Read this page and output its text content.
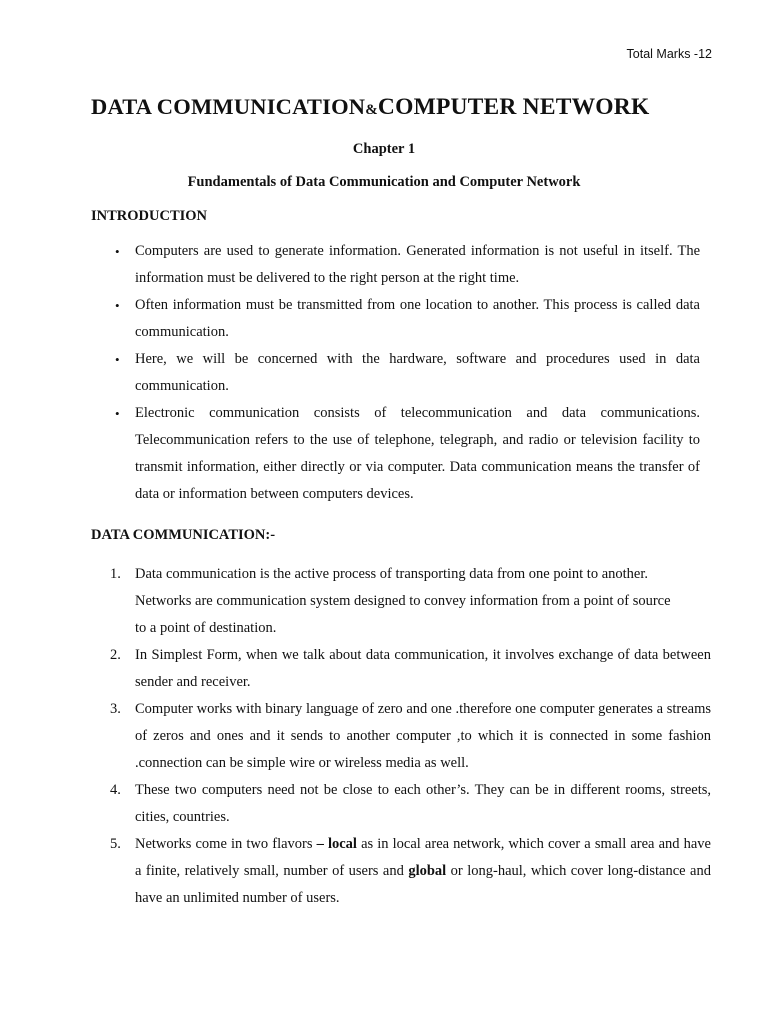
Total Marks -12
DATA COMMUNICATION&COMPUTER NETWORK
Chapter 1
Fundamentals of Data Communication and Computer Network
INTRODUCTION
• Computers are used to generate information. Generated information is not useful in itself. The information must be delivered to the right person at the right time.
• Often information must be transmitted from one location to another. This process is called data communication.
• Here, we will be concerned with the hardware, software and procedures used in data communication.
• Electronic communication consists of telecommunication and data communications. Telecommunication refers to the use of telephone, telegraph, and radio or television facility to transmit information, either directly or via computer. Data communication means the transfer of data or information between computers devices.
DATA COMMUNICATION:-
1. Data communication is the active process of transporting data from one point to another.
Networks are communication system designed to convey information from a point of source
to a point of destination.
2. In Simplest Form, when we talk about data communication, it involves exchange of data between sender and receiver.
3. Computer works with binary language of zero and one .therefore one computer generates a streams of zeros and ones and it sends to another computer ,to which it is connected in some fashion .connection can be simple wire or wireless media as well.
4. These two computers need not be close to each other’s. They can be in different rooms, streets, cities, countries.
5. Networks come in two flavors – local as in local area network, which cover a small area and have a finite, relatively small, number of users and global or long-haul, which cover long-distance and have an unlimited number of users.
